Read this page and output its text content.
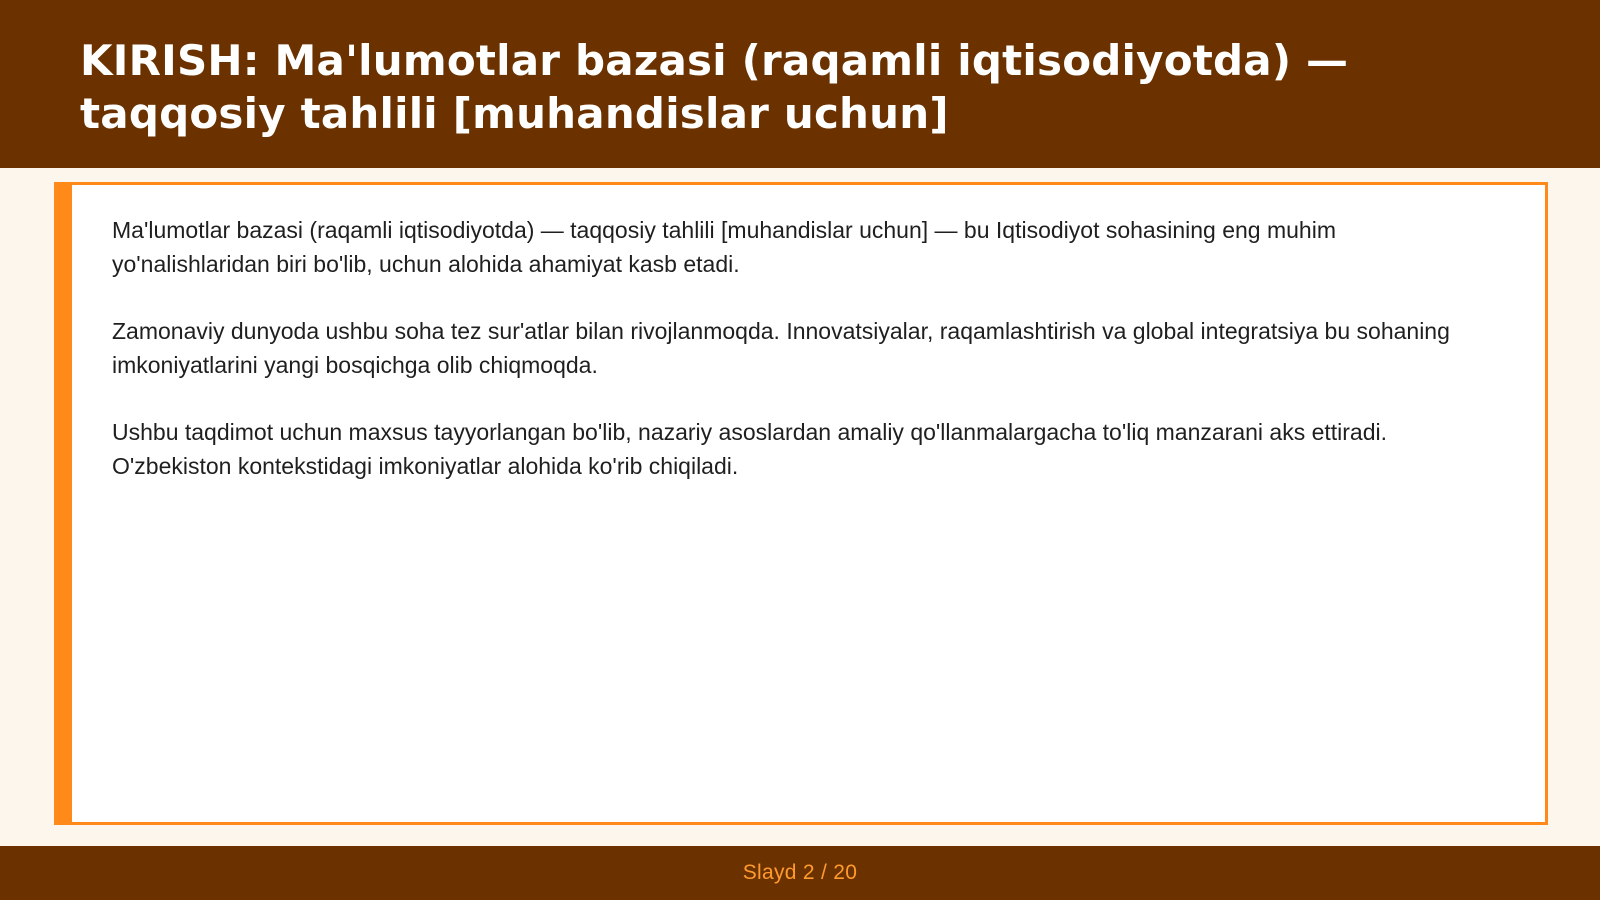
KIRISH: Ma'lumotlar bazasi (raqamli iqtisodiyotda) — taqqosiy tahlili [muhandislar uchun]

Ma'lumotlar bazasi (raqamli iqtisodiyotda) — taqqosiy tahlili [muhandislar uchun] — bu Iqtisodiyot sohasining eng muhim yo'nalishlaridan biri bo'lib, uchun alohida ahamiyat kasb etadi.

Zamonaviy dunyoda ushbu soha tez sur'atlar bilan rivojlanmoqda. Innovatsiyalar, raqamlashtirish va global integratsiya bu sohaning imkoniyatlarini yangi bosqichga olib chiqmoqda.

Ushbu taqdimot uchun maxsus tayyorlangan bo'lib, nazariy asoslardan amaliy qo'llanmalargacha to'liq manzarani aks ettiradi. O'zbekiston kontekstidagi imkoniyatlar alohida ko'rib chiqiladi.

Slayd 2 / 20
